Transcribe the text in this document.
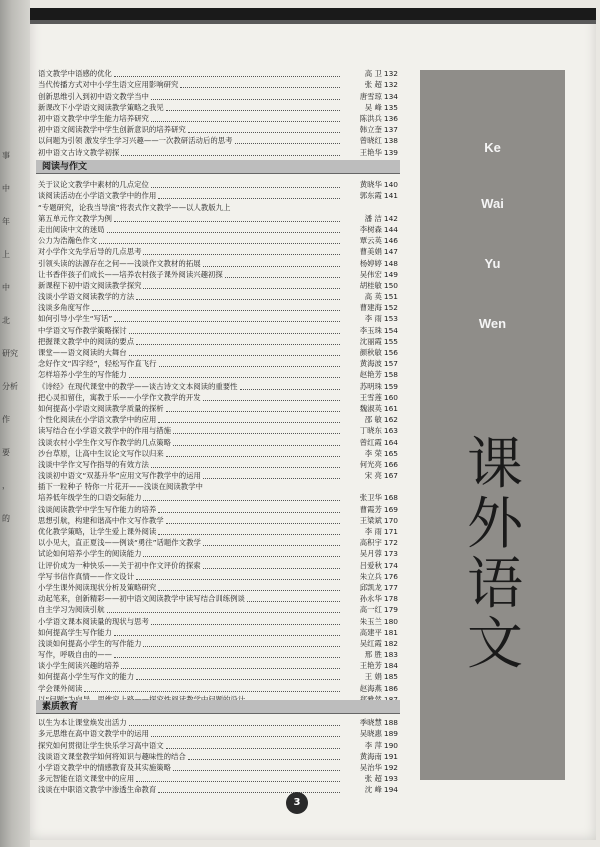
事
中
年
上
中
北
研究
分析
作
要
，
的
语文教学中语感的优化	高 卫 132
当代传播方式对中小学生语文应用影响研究	张 超 132
创新思维引入到初中语文教学当中	唐雪琼 134
新课改下小学语文阅读教学策略之我见	吴 峰 135
初中语文教学中学生能力培养研究	陈洪兵 136
初中语文阅读教学中学生创新意识的培养研究	韩立奎 137
以问题为引领 激发学生学习兴趣——一次教研活动后的思考	曾晓红 138
初中语文古诗文教学初探	王艳华 139
阅读与作文
关于议论文教学中素材的几点定位	黄晓华 140
谈阅读活动在小学语文教学中的作用	郭东霞 141
“专题研究，论我当导演”将表式作文教学——以人教版九上
第五单元作文教学为例	潘 洁 142
走出阅读中文的迷局	李树森 144
公力为浩瀚色作文	覃云英 146
对小学作文先学后导的几点思考	曹美娟 147
引领头读的法源存在之何——浅谈作文教材的拓展	杨婷婷 148
让书香伴孩子们成长——培养农村孩子课外阅读兴趣初探	吴伟宏 149
新课程下初中语文阅读教学探究	胡桂敏 150
浅谈小学语文阅读教学的方法	高 英 151
浅谈多角度写作	曹建海 152
如何引导小学生“写话”	李 雨 153
中学语文写作教学策略探讨	李玉珠 154
把握课文教学中的阅读的要点	沈丽霞 155
课堂——语文阅读的大舞台	颜秋敏 156
念好作文“四字经”，轻松写作直飞行	黄海波 157
怎样培养小学生的写作能力	赵艳芳 158
《诗经》在现代课堂中的教学——谈古诗文文本阅读的重要性	苏明珠 159
把心灵扣留住，寓教于乐——小学作文教学的开发	王雪莲 160
如何提高小学语文阅读教学质量的探析	魏淑英 161
个性化阅读在小学语文教学中的应用	邵 敏 162
读写结合在小学语文教学中的作用与措施	丁晓东 163
浅谈农村小学生作文写作教学的几点策略	曾红霞 164
沙台草原，让高中生议论文写作以归来	李 荣 165
浅谈中学作文写作指导的有效方法	何光亮 166
浅谈初中语文“双基升华”应用文写作教学中的运用	宋 亮 167
插下一粒种子 特你一片花开——浅谈在阅读教学中
培养低年级学生的口语交际能力	张卫华 168
浅谈阅读教学中学生写作能力的培养	曹霞芳 169
思想引航，构建和谐高中作文写作教学	王梁斌 170
优化教学策略，让学生爱上课外阅读	李 雨 171
以小见大，直正夏浅——例谈“勇往”话题作文教学	高积宇 172
试论如何培养小学生的阅读能力	吴月蓉 173
让评价成为一种快乐——关于初中作文评价的探索	吕爱秋 174
学写书信作真情——作文设计	朱立兵 176
小学生课外阅读现状分析及策略研究	邱凯龙 177
动起笔来，创新精彩——初中语文阅读教学中读写结合训练例谈	孙永华 178
自主学习为阅读引航	高一红 179
小学语文课本阅读量的现状与思考	朱玉兰 180
如何提高学生写作能力	高建平 181
浅谈如何提高小学生的写作能力	吴红霞 182
写作，呼吸自由的——	邢 胜 183
谈小学生阅读兴趣的培养	王艳芳 184
如何提高小学生写作文的能力	王 娟 185
学会课外阅读	赵海燕 186
素质教育
以生为本让课堂焕发出活力	季晓慧 188
多元思维在高中语文教学中的运用	吴晓惠 189
探究如何贯彻让学生快乐学习高中语文	李 萍 190
浅谈语文课堂教学如何将知识与趣味性的结合	黄海南 191
小学语文教学中的情感教育及其实施策略	吴治华 192
多元智能在语文课堂中的应用	张 超 193
浅谈在中职语文教学中渗透生命教育	沈 峰 194
Ke
Wai
Yu
Wen
课
外
语
文
3
